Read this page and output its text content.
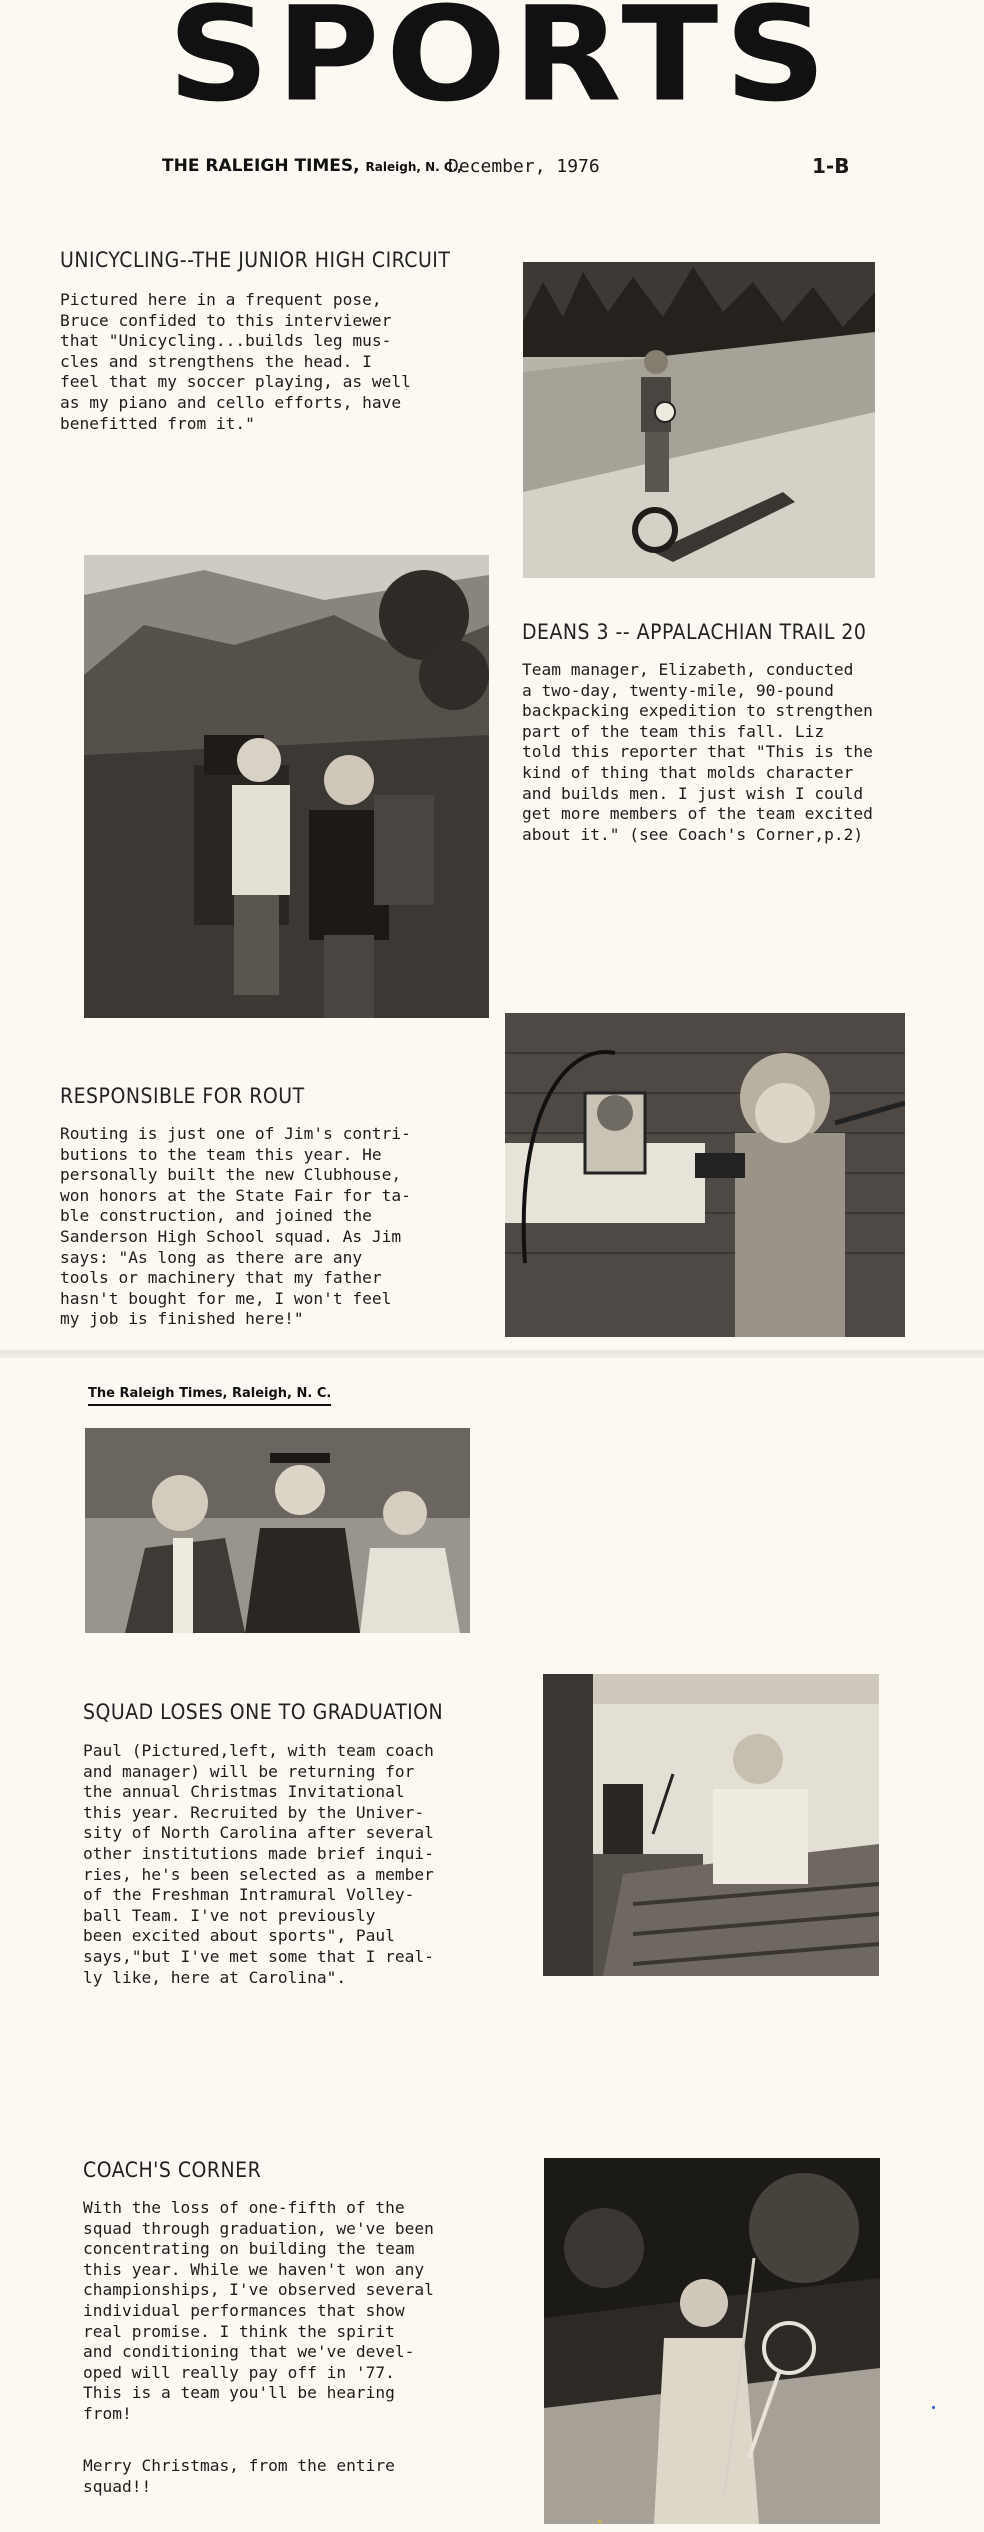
SPORTS
THE RALEIGH TIMES, Raleigh, N. C.,
December, 1976	1-B
UNICYCLING--THE JUNIOR HIGH CIRCUIT
Pictured here in a frequent pose,
Bruce confided to this interviewer
that "Unicycling...builds leg mus-
cles and strengthens the head. I
feel that my soccer playing, as well
as my piano and cello efforts, have
benefitted from it."
DEANS 3 -- APPALACHIAN TRAIL 20
Team manager, Elizabeth, conducted
a two-day, twenty-mile, 90-pound
backpacking expedition to strengthen
part of the team this fall. Liz
told this reporter that "This is the
kind of thing that molds character
and builds men. I just wish I could
get more members of the team excited
about it." (see Coach's Corner,p.2)
RESPONSIBLE FOR ROUT
Routing is just one of Jim's contri-
butions to the team this year. He
personally built the new Clubhouse,
won honors at the State Fair for ta-
ble construction, and joined the
Sanderson High School squad. As Jim
says: "As long as there are any
tools or machinery that my father
hasn't bought for me, I won't feel
my job is finished here!"
The Raleigh Times, Raleigh, N. C.
SQUAD LOSES ONE TO GRADUATION
Paul (Pictured,left, with team coach
and manager) will be returning for
the annual Christmas Invitational
this year. Recruited by the Univer-
sity of North Carolina after several
other institutions made brief inqui-
ries, he's been selected as a member
of the Freshman Intramural Volley-
ball Team. I've not previously
been excited about sports", Paul
says,"but I've met some that I real-
ly like, here at Carolina".
COACH'S CORNER
With the loss of one-fifth of the
squad through graduation, we've been
concentrating on building the team
this year. While we haven't won any
championships, I've observed several
individual performances that show
real promise. I think the spirit
and conditioning that we've devel-
oped will really pay off in '77.
This is a team you'll be hearing
from!
Merry Christmas, from the entire
squad!!
